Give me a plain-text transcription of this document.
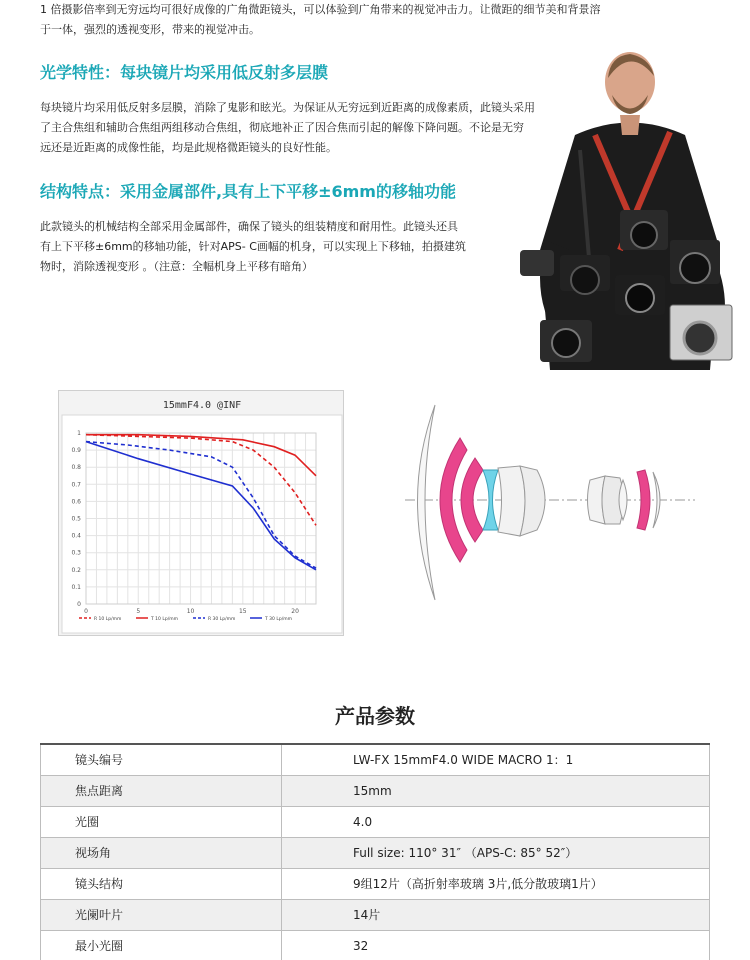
1 倍摄影倍率到无穷远均可很好成像的广角微距镜头，可以体验到广角带来的视觉冲击力。让微距的细节美和背景溶
于一体，强烈的透视变形，带来的视觉冲击。
光学特性：每块镜片均采用低反射多层膜
每块镜片均采用低反射多层膜，消除了鬼影和眩光。为保证从无穷远到近距离的成像素质，此镜头采用
了主合焦组和辅助合焦组两组移动合焦组，彻底地补正了因合焦而引起的解像下降问题。不论是无穷
远还是近距离的成像性能，均是此规格微距镜头的良好性能。
结构特点：采用金属部件,具有上下平移±6mm的移轴功能
此款镜头的机械结构全部采用金属部件，确保了镜头的组装精度和耐用性。此镜头还具
有上下平移±6mm的移轴功能，针对APS- C画幅的机身，可以实现上下移轴，拍摄建筑
物时，消除透视变形 。（注意：全幅机身上平移有暗角）
15mmF4.0 @INF
1
0.9
0.8
0.7
0.6
0.5
0.4
0.3
0.2
0.1
0
0	5	10	15	20
R 10 Lp/mm	T 10 Lp/mm	R 30 Lp/mm	T 30 Lp/mm
产品参数
镜头编号	LW-FX 15mmF4.0 WIDE MACRO 1：1
焦点距离	15mm
光圈	4.0
视场角	Full size: 110° 31″ （APS-C: 85° 52″）
镜头结构	9组12片（高折射率玻璃 3片,低分散玻璃1片）
光阑叶片	14片
最小光圈	32
